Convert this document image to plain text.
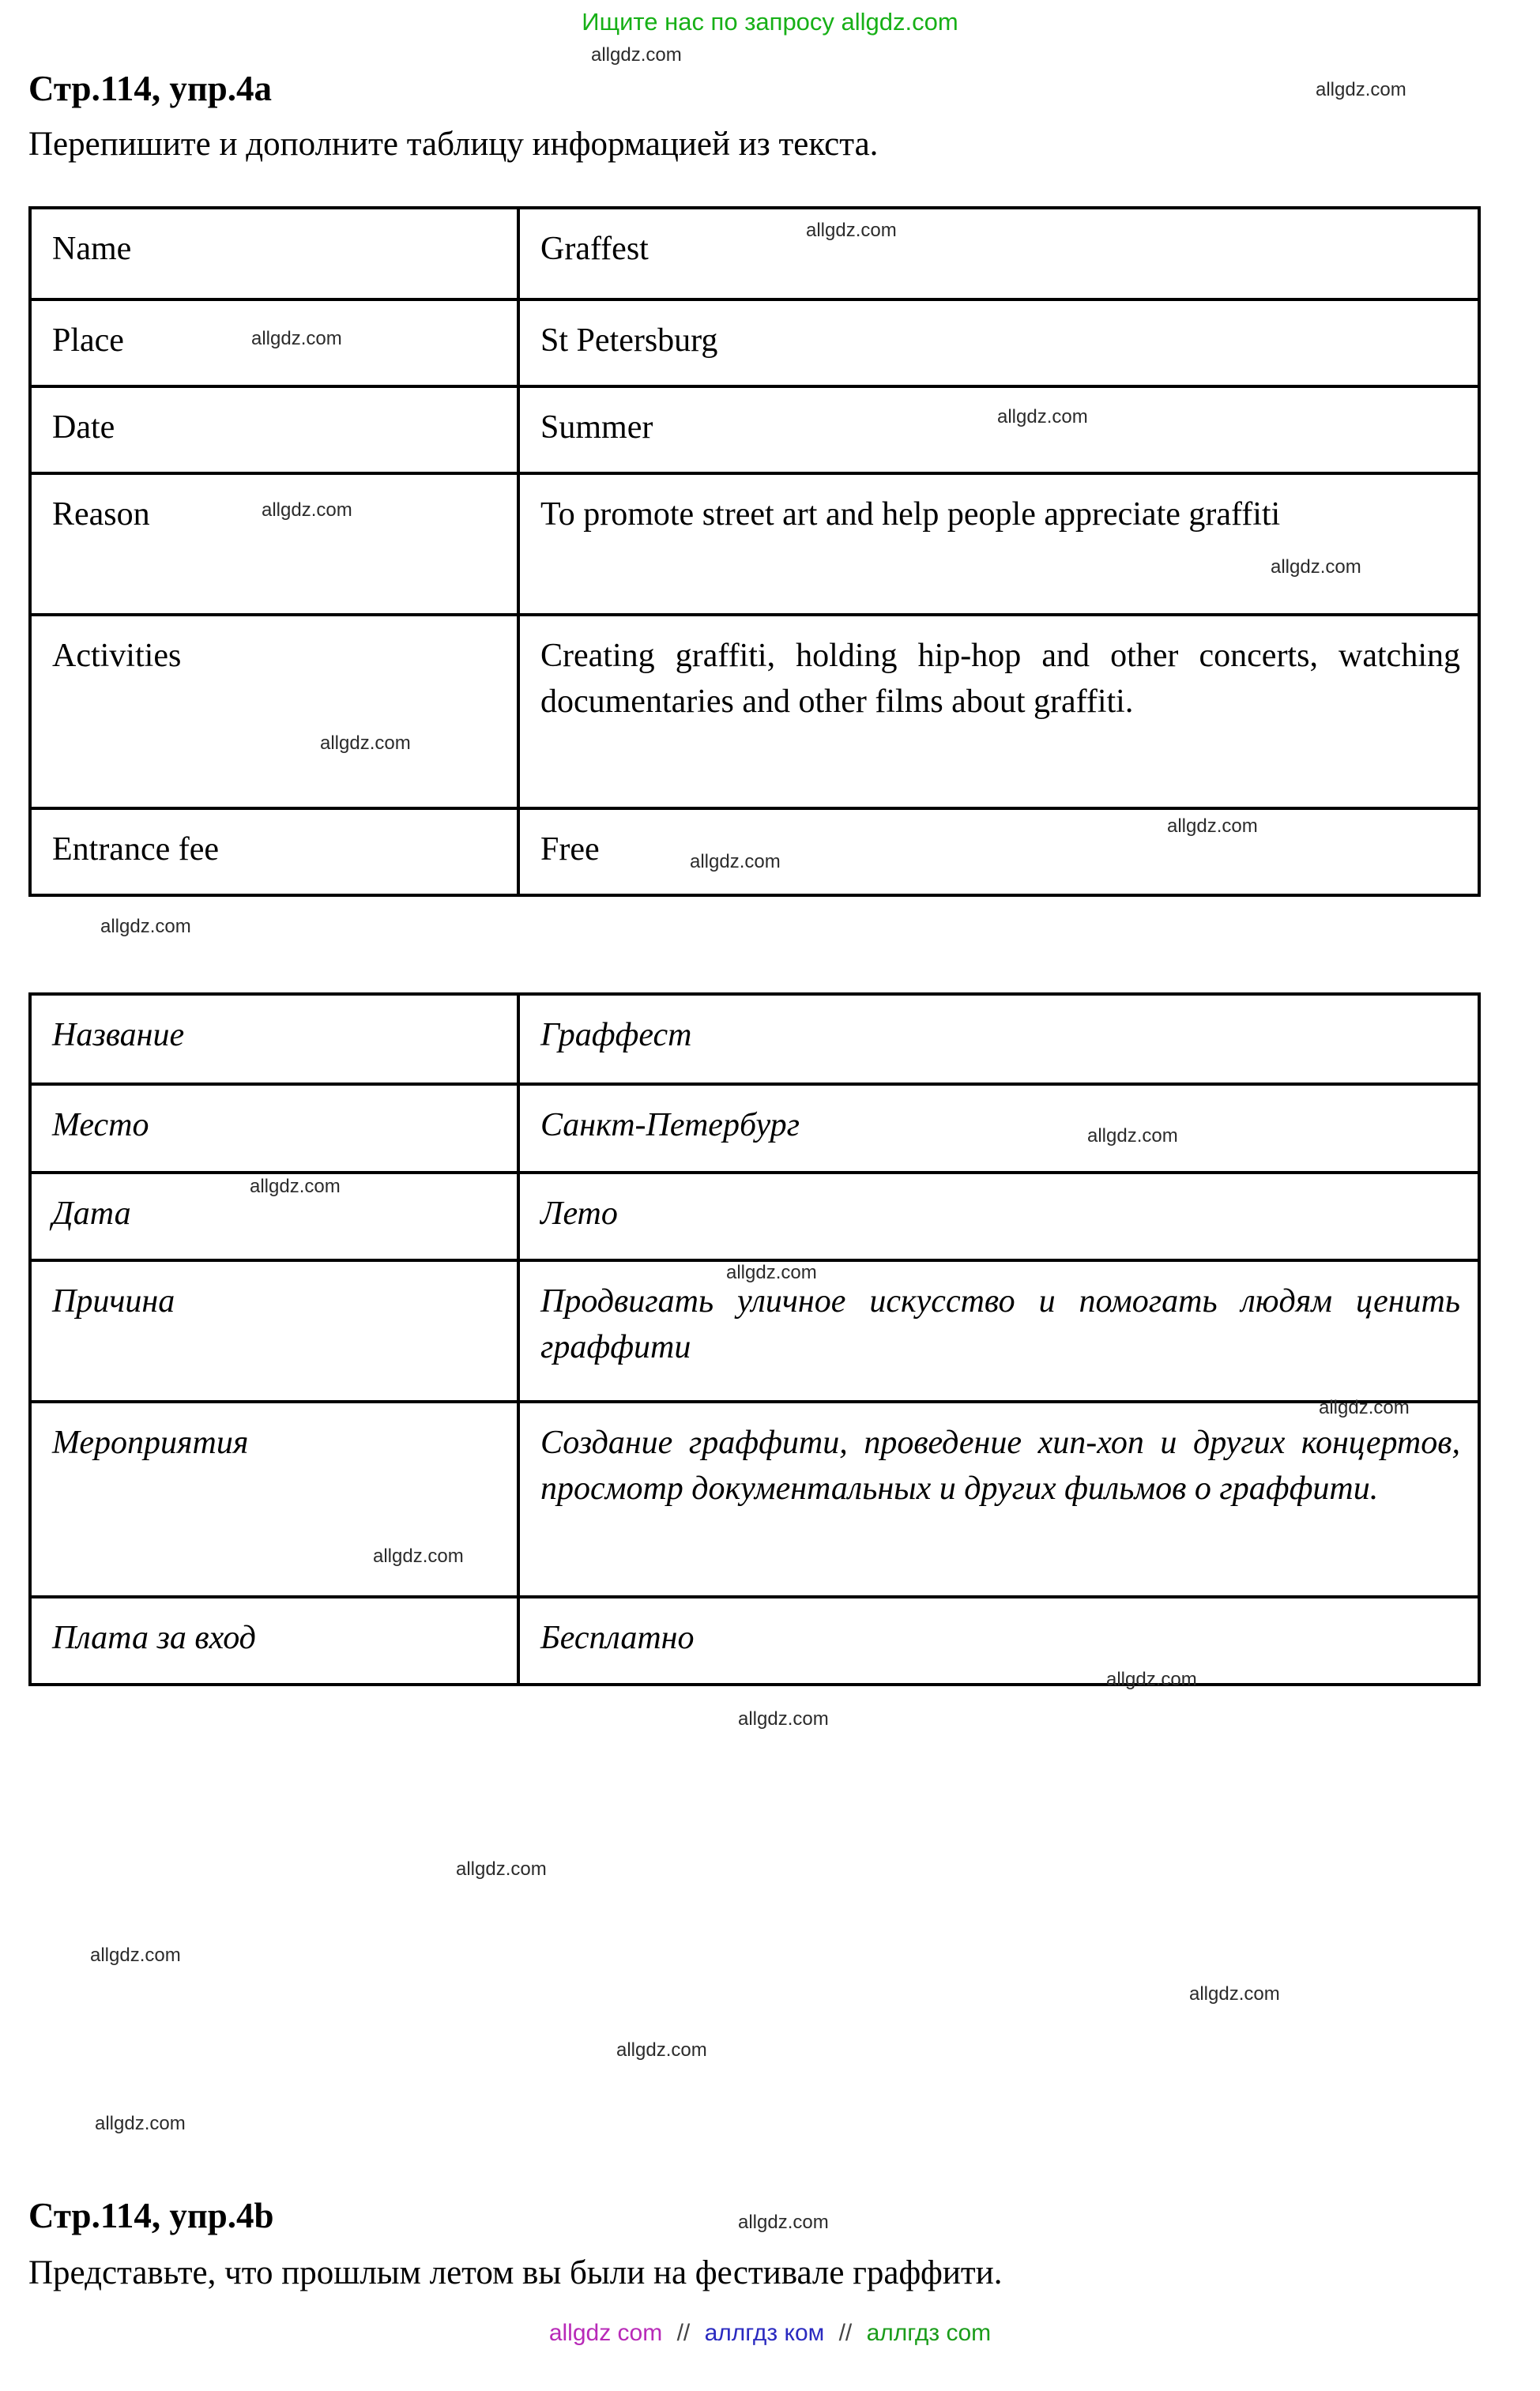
Ищите нас по запросу allgdz.com
Стр.114, упр.4a
Перепишите и дополните таблицу информацией из текста.
Name	Graffest
Place	St Petersburg
Date	Summer
Reason	To promote street art and help people appreciate graffiti
Activities	Creating graffiti, holding hip-hop and other concerts, watching documentaries and other films about graffiti.
Entrance fee	Free
Название	Граффест
Место	Санкт-Петербург
Дата	Лето
Причина	Продвигать уличное искусство и помогать людям ценить граффити
Мероприятия	Создание граффити, проведение хип-хоп и других концертов, просмотр документальных и других фильмов о граффити.
Плата за вход	Бесплатно
Стр.114, упр.4b
Представьте, что прошлым летом вы были на фестивале граффити.
allgdz com // аллгдз ком // аллгдз com
allgdz.com
allgdz.com
allgdz.com
allgdz.com
allgdz.com
allgdz.com
allgdz.com
allgdz.com
allgdz.com
allgdz.com
allgdz.com
allgdz.com
allgdz.com
allgdz.com
allgdz.com
allgdz.com
allgdz.com
allgdz.com
allgdz.com
allgdz.com
allgdz.com
allgdz.com
allgdz.com
allgdz.com
